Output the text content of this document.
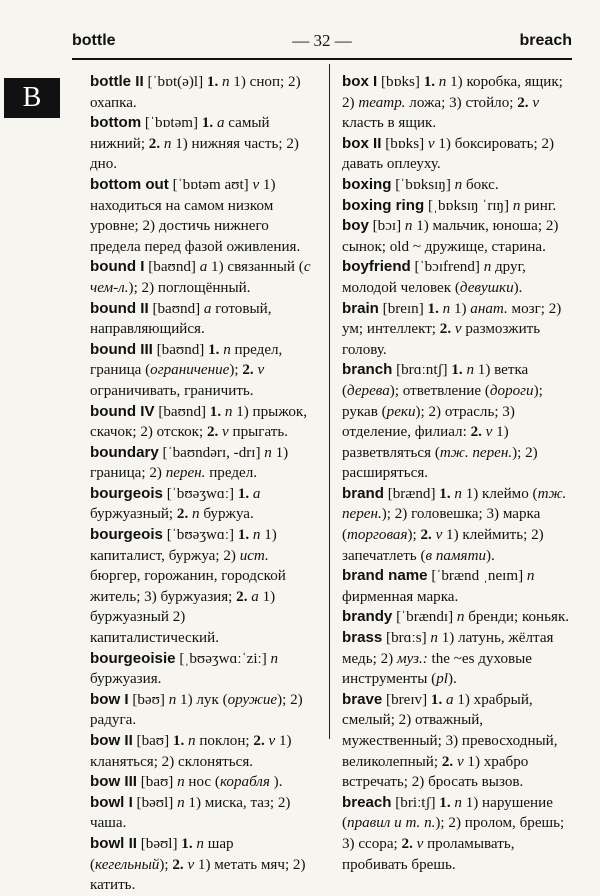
bottle	— 32 —	breach
B
bottle II [ˈbɒt(ə)l] 1. n 1) сноп; 2) охапка.
bottom [ˈbɒtəm] 1. a самый нижний; 2. n 1) нижняя часть; 2) дно.
bottom out [ˈbɒtəm aʊt] v 1) находиться на самом низком уровне; 2) достичь нижнего предела перед фазой оживления.
bound I [baʊnd] a 1) связанный (с чем-л.); 2) поглощённый.
bound II [baʊnd] a готовый, направляющийся.
bound III [baʊnd] 1. n предел, граница (ограничение); 2. v ограничивать, граничить.
bound IV [baʊnd] 1. n 1) прыжок, скачок; 2) отскок; 2. v прыгать.
boundary [ˈbaʊndərɪ, -drɪ] n 1) граница; 2) перен. предел.
bourgeois [ˈbʊəʒwɑː] 1. a буржуазный; 2. n буржуа.
bourgeois [ˈbʊəʒwɑː] 1. n 1) капиталист, буржуа; 2) ист. бюргер, горожанин, городской житель; 3) буржуазия; 2. a 1) буржуазный 2) капиталистический.
bourgeoisie [ˌbʊəʒwɑːˈziː] n буржуазия.
bow I [bəʊ] n 1) лук (оружие); 2) радуга.
bow II [baʊ] 1. n поклон; 2. v 1) кланяться; 2) склоняться.
bow III [baʊ] n нос (корабля ).
bowl I [bəʊl] n 1) миска, таз; 2) чаша.
bowl II [bəʊl] 1. n шар (кегельный); 2. v 1) метать мяч; 2) катить.
box I [bɒks] 1. n 1) коробка, ящик; 2) театр. ложа; 3) стойло; 2. v класть в ящик.
box II [bɒks] v 1) боксировать; 2) давать оплеуху.
boxing [ˈbɒksɪŋ] n бокс.
boxing ring [ˌbɒksɪŋ ˈrɪŋ] n ринг.
boy [bɔɪ] n 1) мальчик, юноша; 2) сынок; old ~ дружище, старина.
boyfriend [ˈbɔɪfrend] n друг, молодой человек (девушки).
brain [breɪn] 1. n 1) анат. мозг; 2) ум; интеллект; 2. v размозжить голову.
branch [brɑːntʃ] 1. n 1) ветка (дерева); ответвление (дороги); рукав (реки); 2) отрасль; 3) отделение, филиал: 2. v 1) разветвляться (тж. перен.); 2) расширяться.
brand [brænd] 1. n 1) клеймо (тж. перен.); 2) головешка; 3) марка (торговая); 2. v 1) клеймить; 2) запечатлеть (в памяти).
brand name [ˈbrænd ˌneɪm] n фирменная марка.
brandy [ˈbrændɪ] n бренди; коньяк.
brass [brɑːs] n 1) латунь, жёлтая медь; 2) муз.: the ~es духовые инструменты (pl).
brave [breɪv] 1. a 1) храбрый, смелый; 2) отважный, мужественный; 3) превосходный, великолепный; 2. v 1) храбро встречать; 2) бросать вызов.
breach [briːtʃ] 1. n 1) нарушение (правил и т. п.); 2) пролом, брешь; 3) ссора; 2. v проламывать, пробивать брешь.
